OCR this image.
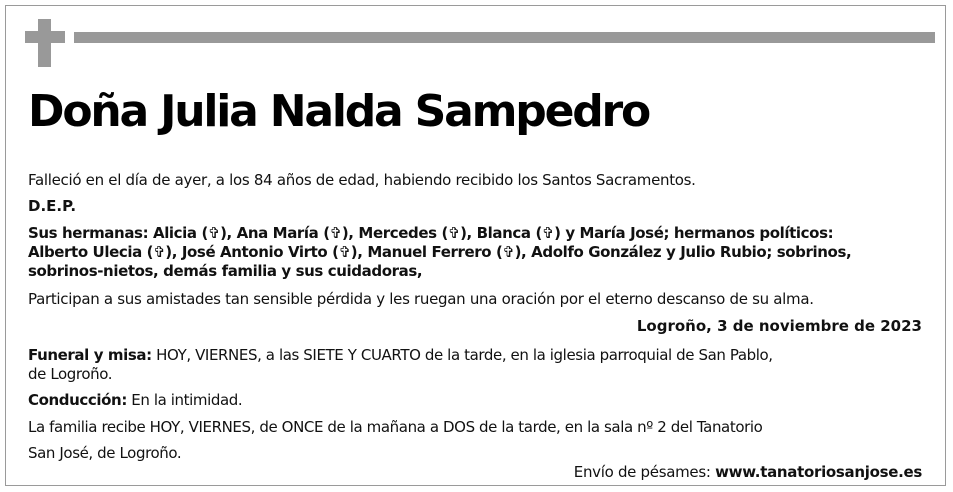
Doña Julia Nalda Sampedro
Falleció en el día de ayer, a los 84 años de edad, habiendo recibido los Santos Sacramentos.
D.E.P.
Sus hermanas: Alicia (✞), Ana María (✞), Mercedes (✞), Blanca (✞) y María José; hermanos políticos:
Alberto Ulecia (✞), José Antonio Virto (✞), Manuel Ferrero (✞), Adolfo González y Julio Rubio; sobrinos,
sobrinos-nietos, demás familia y sus cuidadoras,
Participan a sus amistades tan sensible pérdida y les ruegan una oración por el eterno descanso de su alma.
Logroño, 3 de noviembre de 2023
Funeral y misa: HOY, VIERNES, a las SIETE Y CUARTO de la tarde, en la iglesia parroquial de San Pablo,
de Logroño.
Conducción: En la intimidad.
La familia recibe HOY, VIERNES, de ONCE de la mañana a DOS de la tarde, en la sala nº 2 del Tanatorio
San José, de Logroño.
Envío de pésames: www.tanatoriosanjose.es
